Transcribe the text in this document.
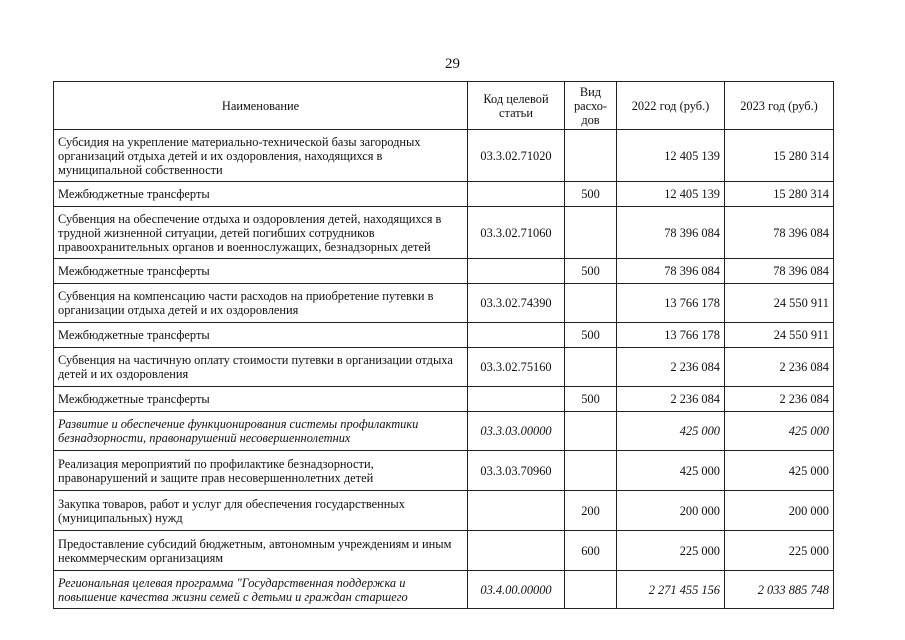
29
Наименование	Код целевой статьи	Вид расхо-дов	2022 год (руб.)	2023 год (руб.)
Субсидия на укрепление материально-технической базы загородных организаций отдыха детей и их оздоровления, находящихся в муниципальной собственности	03.3.02.71020		12 405 139	15 280 314
Межбюджетные трансферты		500	12 405 139	15 280 314
Субвенция на обеспечение отдыха и оздоровления детей, находящихся в трудной жизненной ситуации, детей погибших сотрудников правоохранительных органов и военнослужащих, безнадзорных детей	03.3.02.71060		78 396 084	78 396 084
Межбюджетные трансферты		500	78 396 084	78 396 084
Субвенция на компенсацию части расходов на приобретение путевки в организации отдыха детей и их оздоровления	03.3.02.74390		13 766 178	24 550 911
Межбюджетные трансферты		500	13 766 178	24 550 911
Субвенция на частичную оплату стоимости путевки в организации отдыха детей и их оздоровления	03.3.02.75160		2 236 084	2 236 084
Межбюджетные трансферты		500	2 236 084	2 236 084
Развитие и обеспечение функционирования системы профилактики безнадзорности, правонарушений несовершеннолетних	03.3.03.00000		425 000	425 000
Реализация мероприятий по профилактике безнадзорности, правонарушений и защите прав несовершеннолетних детей	03.3.03.70960		425 000	425 000
Закупка товаров, работ и услуг для обеспечения государственных (муниципальных) нужд		200	200 000	200 000
Предоставление субсидий бюджетным, автономным учреждениям и иным некоммерческим организациям		600	225 000	225 000
Региональная целевая программа "Государственная поддержка и повышение качества жизни семей с детьми и граждан старшего	03.4.00.00000		2 271 455 156	2 033 885 748
